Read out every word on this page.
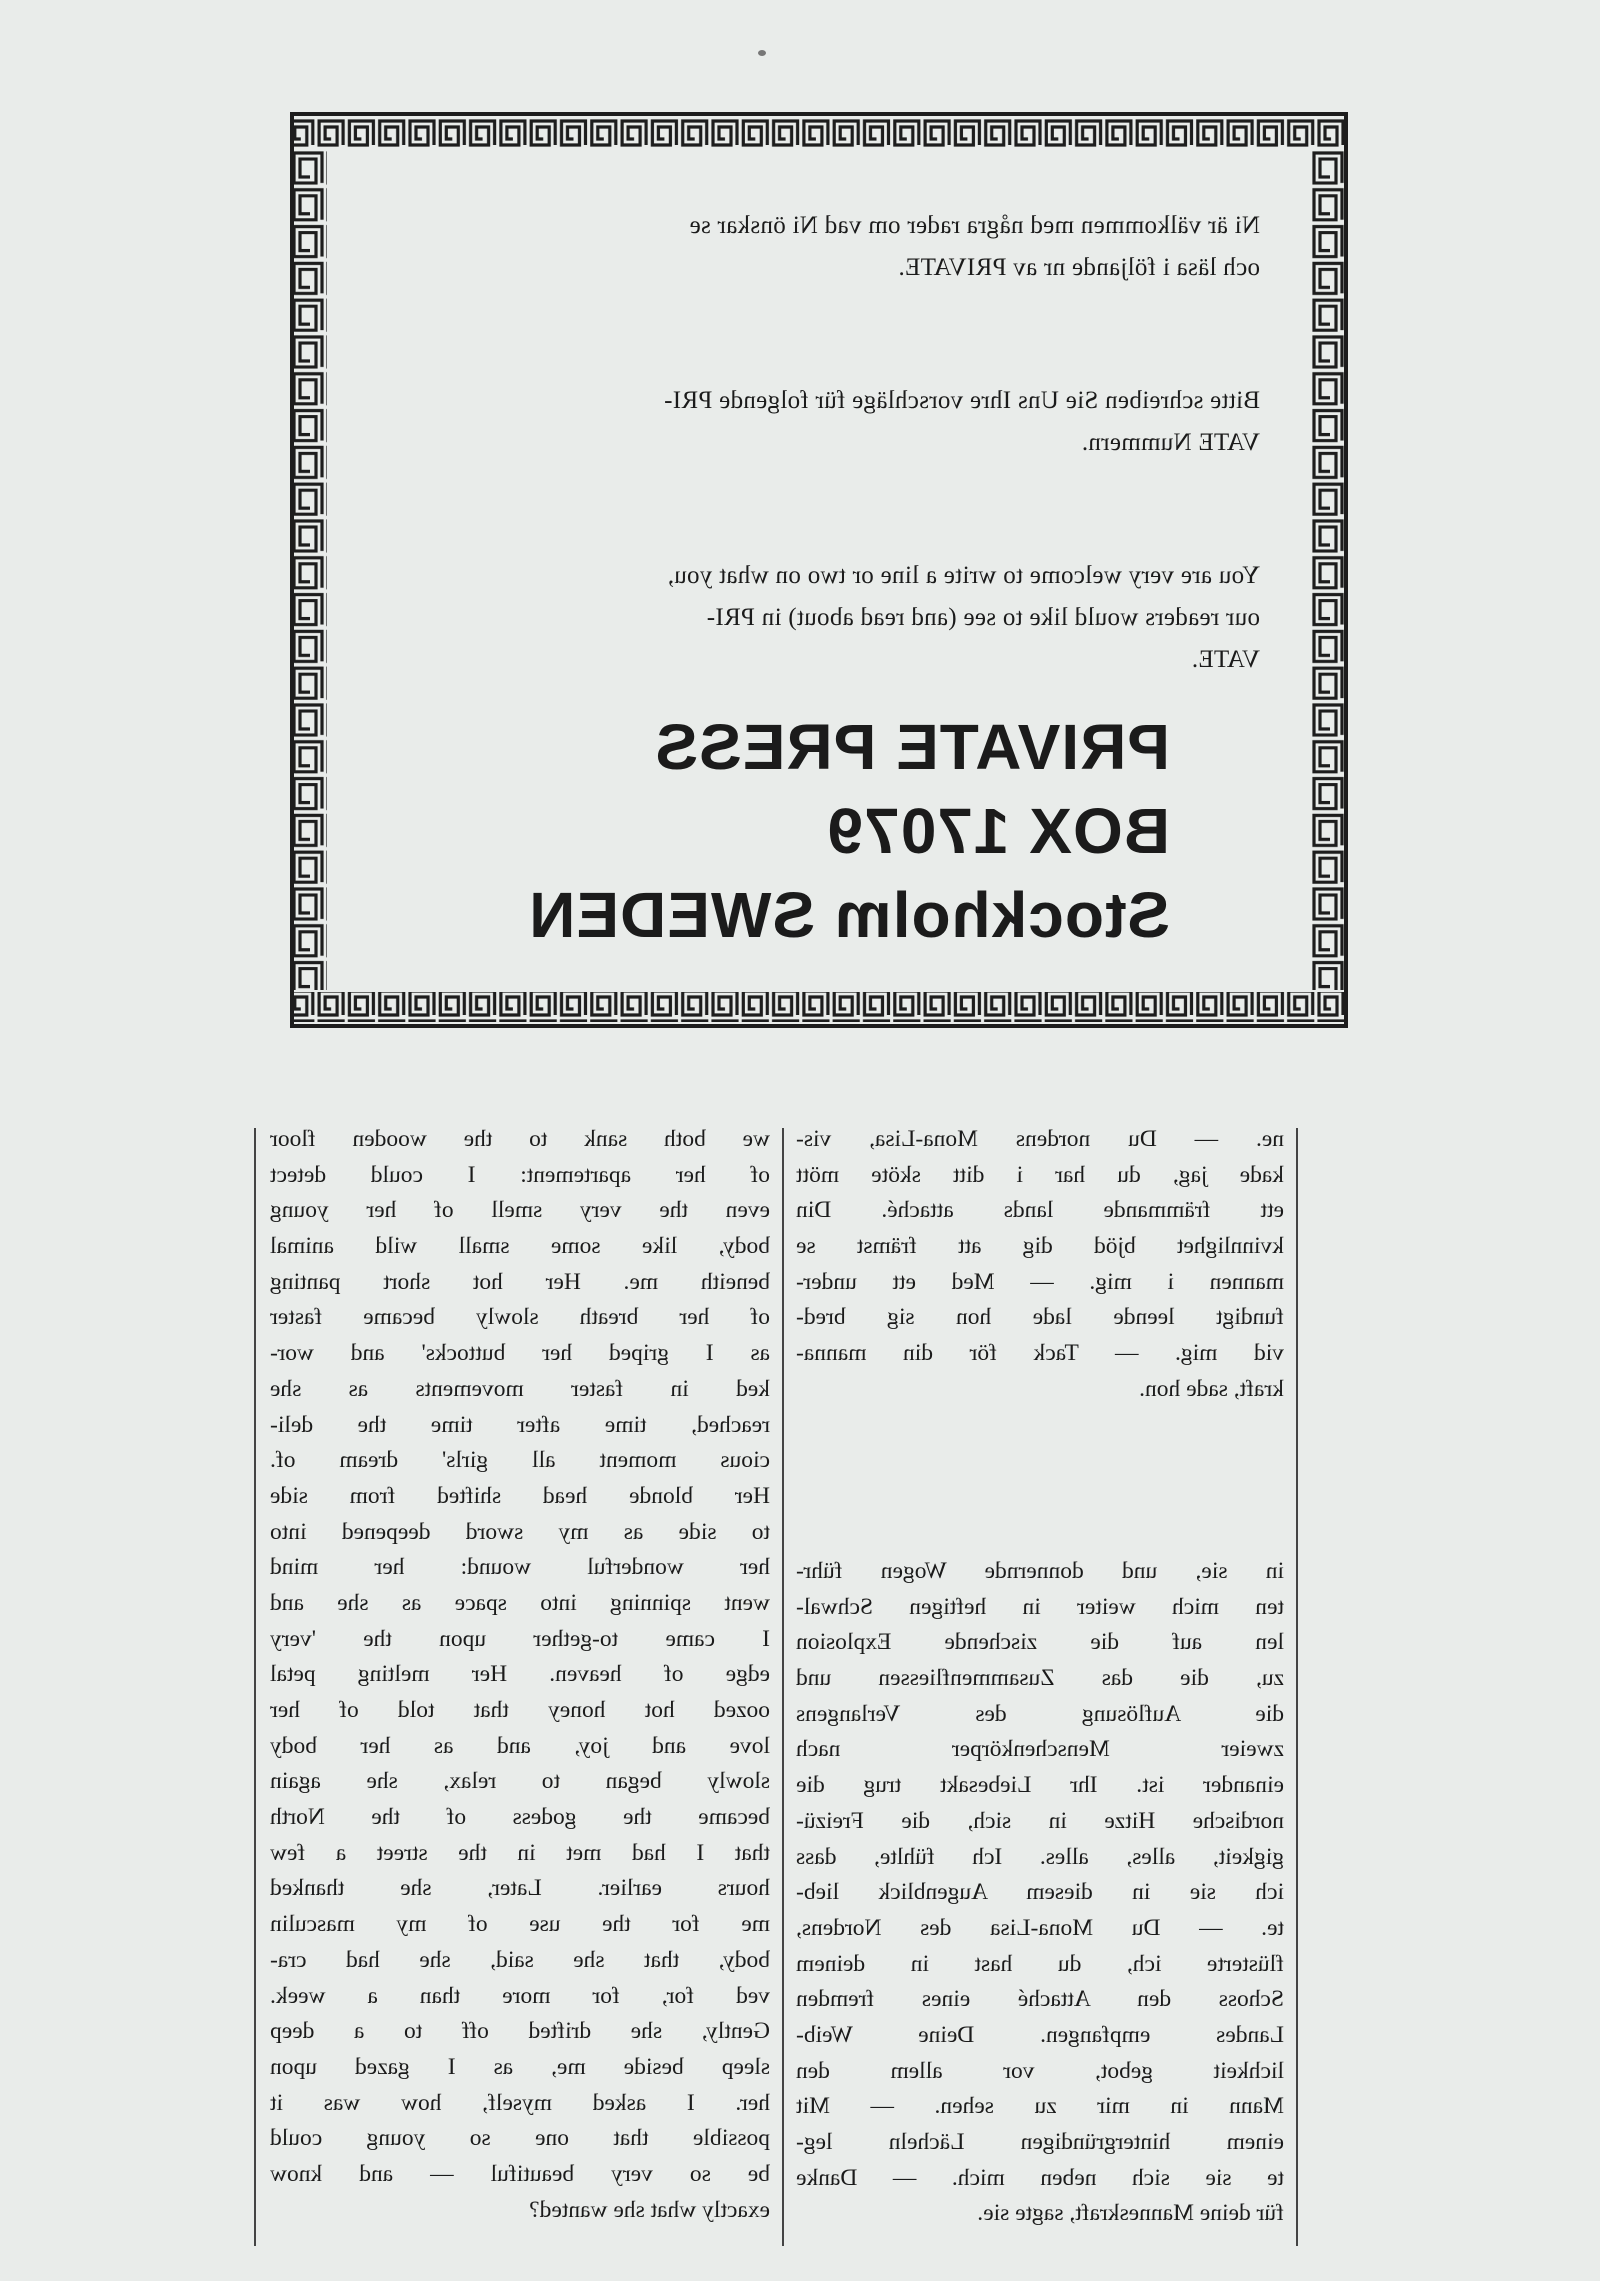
Ni är välkommen med några rader om vad Ni önskar se
och läsa i följande nr av PRIVATE.
Bitte schreiben Sie Uns Ihre vorschläge für folgende PRI-
VATE Nummern.
You are very welcome to write a line or two on what you,
our readers would like to see (and read about) in PRI-
VATE.
PRIVATE PRESS
BOX 17079
Stockholm SWEDEN
ne. — Du nordens Mona-Lisa, vis-
kade jag, du har i ditt sköte mött
ett främmande lands attaché. Din
kvinnlighet bjöd dig att främst se
mannen i mig. — Med ett under-
fundigt leende lade hon sig bred-
vid mig. — Tack för din manna-
kraft, sade hon.
in sie, und donnernde Wogen führ-
ten mich weiter in heftigen Schwal-
len auf die zischende Explosion
zu, die das Zusammenfliessen und
die Auflösung des Verlangens
zweier Menschenkörper nach
einander ist. Ihr Liebesakt trug die
nordische Hitze in sich, die Freizü-
gigkeit, alles, alles. Ich fühlte, dass
ich sie in diesem Augenblick lieb-
te. — Du Mona-Lisa des Nordens,
flüsterte ich, du hast in deinem
Schoss den Attaché eines fremden
Landes empfangen. Deine Weib-
lichkeit gebot, vor allem den
Mann in mir zu sehen. — Mit
einem hintergründigen Lächeln leg-
te sie sich neben mich. — Danke
für deine Manneskraft, sagte sie.
we both sank to the wooden floor
of her apartement: I could detect
even the very smell of her young
body, like some small wild animal
beneith me. Her hot short panting
of her breath slowly became faster
as I griped her buttocks' and wor-
ked in faster movements as she
reached, time after time the deli-
cious moment all girls' dream of.
Her blonde head shifted from side
to side as my sword deepened into
her wonderful wound: her mind
went spinning into space as she and
I came to-gether upon the 'very
edge of heaven. Her melting petal
oozed hot honey that told of her
love and joy, and as her body
slowly began to relax, she again
became the godess of the North
that I had met in the street a few
hours earlier. Later, she thanked
me for the use of my masculin
body, that she said, she had cra-
ved for, for more than a week.
Gently, she drifted off to a deep
sleep beside me, as I gazed upon
her. I asked myself, how was it
possible that one so young could
be so very beautiful — and know
exactly what she wanted?
